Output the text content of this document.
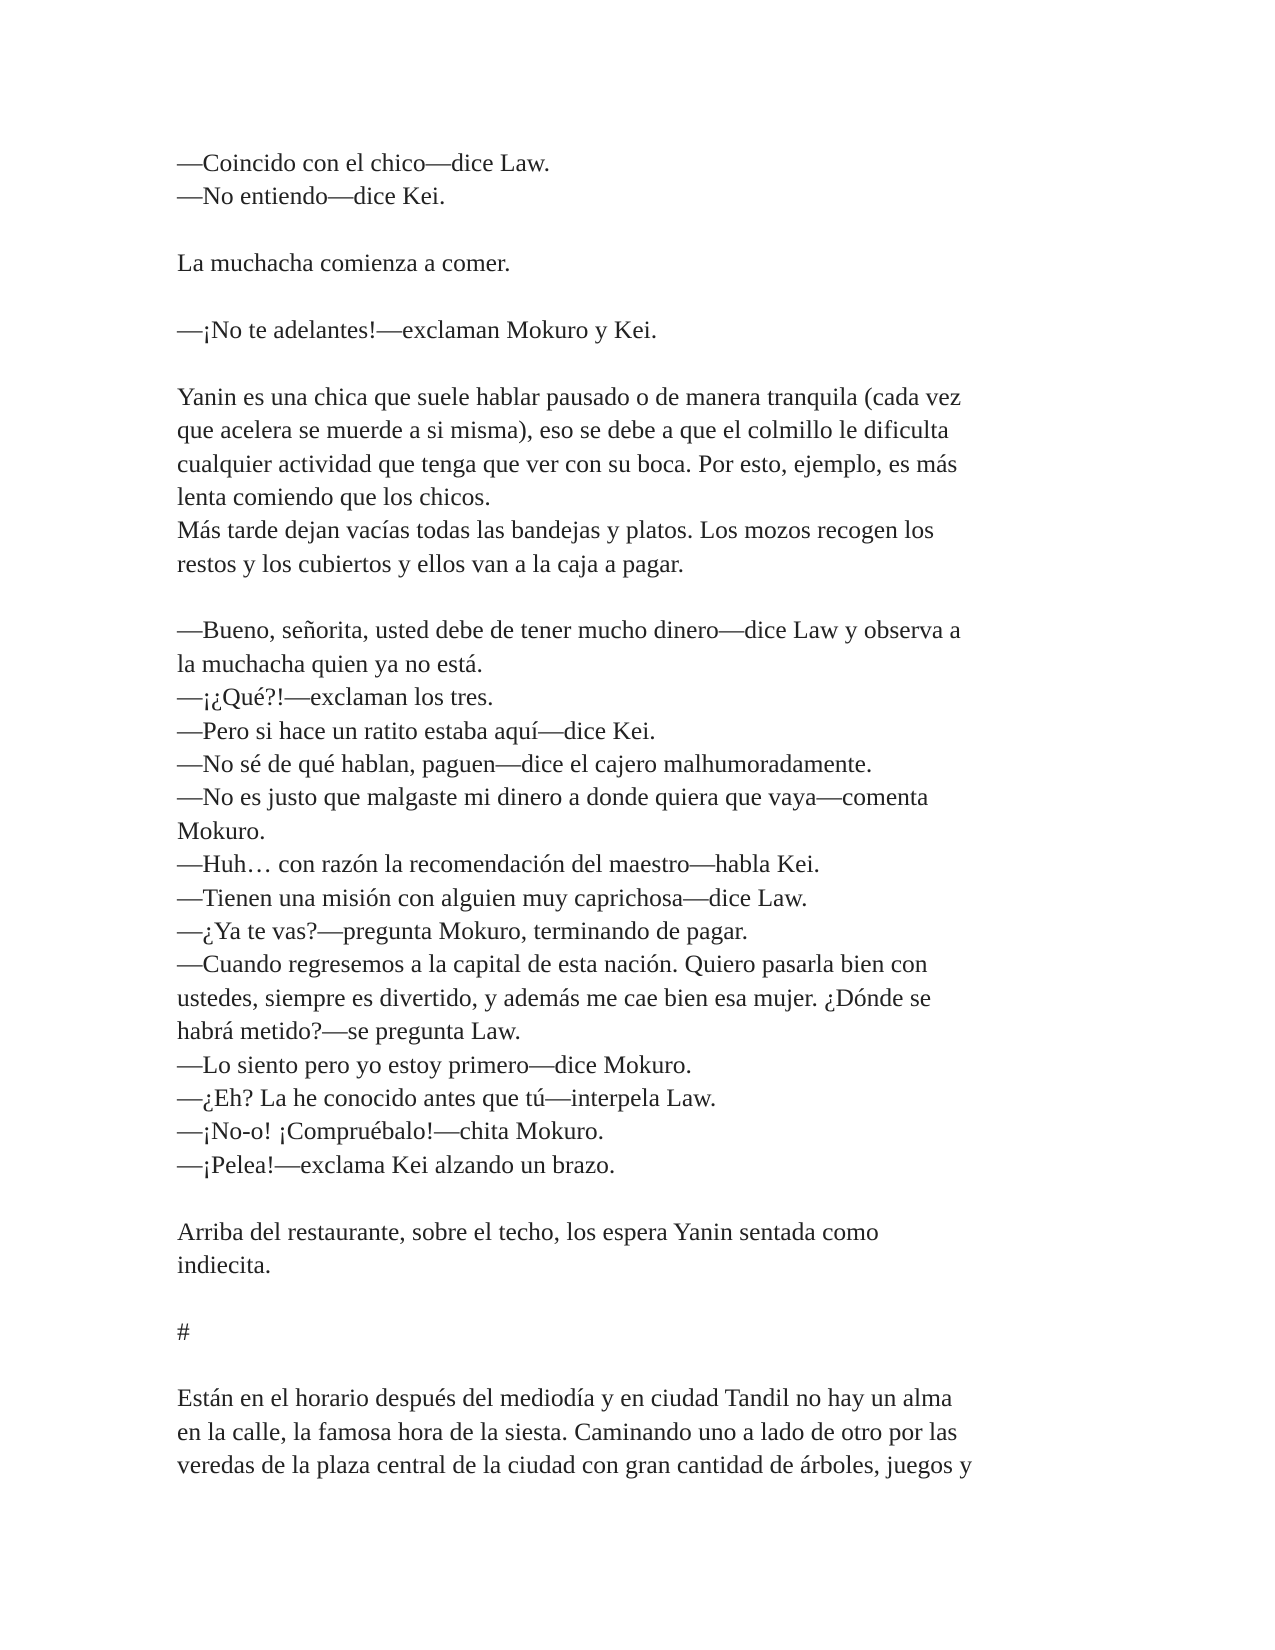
—Coincido con el chico—dice Law.
—No entiendo—dice Kei.
La muchacha comienza a comer.
—¡No te adelantes!—exclaman Mokuro y Kei.
Yanin es una chica que suele hablar pausado o de manera tranquila (cada vez
que acelera se muerde a si misma), eso se debe a que el colmillo le dificulta
cualquier actividad que tenga que ver con su boca. Por esto, ejemplo, es más
lenta comiendo que los chicos.
Más tarde dejan vacías todas las bandejas y platos. Los mozos recogen los
restos y los cubiertos y ellos van a la caja a pagar.
—Bueno, señorita, usted debe de tener mucho dinero—dice Law y observa a
la muchacha quien ya no está.
—¡¿Qué?!—exclaman los tres.
—Pero si hace un ratito estaba aquí—dice Kei.
—No sé de qué hablan, paguen—dice el cajero malhumoradamente.
—No es justo que malgaste mi dinero a donde quiera que vaya—comenta
Mokuro.
—Huh… con razón la recomendación del maestro—habla Kei.
—Tienen una misión con alguien muy caprichosa—dice Law.
—¿Ya te vas?—pregunta Mokuro, terminando de pagar.
—Cuando regresemos a la capital de esta nación. Quiero pasarla bien con
ustedes, siempre es divertido, y además me cae bien esa mujer. ¿Dónde se
habrá metido?—se pregunta Law.
—Lo siento pero yo estoy primero—dice Mokuro.
—¿Eh? La he conocido antes que tú—interpela Law.
—¡No-o! ¡Compruébalo!—chita Mokuro.
—¡Pelea!—exclama Kei alzando un brazo.
Arriba del restaurante, sobre el techo, los espera Yanin sentada como
indiecita.
#
Están en el horario después del mediodía y en ciudad Tandil no hay un alma
en la calle, la famosa hora de la siesta. Caminando uno a lado de otro por las
veredas de la plaza central de la ciudad con gran cantidad de árboles, juegos y
